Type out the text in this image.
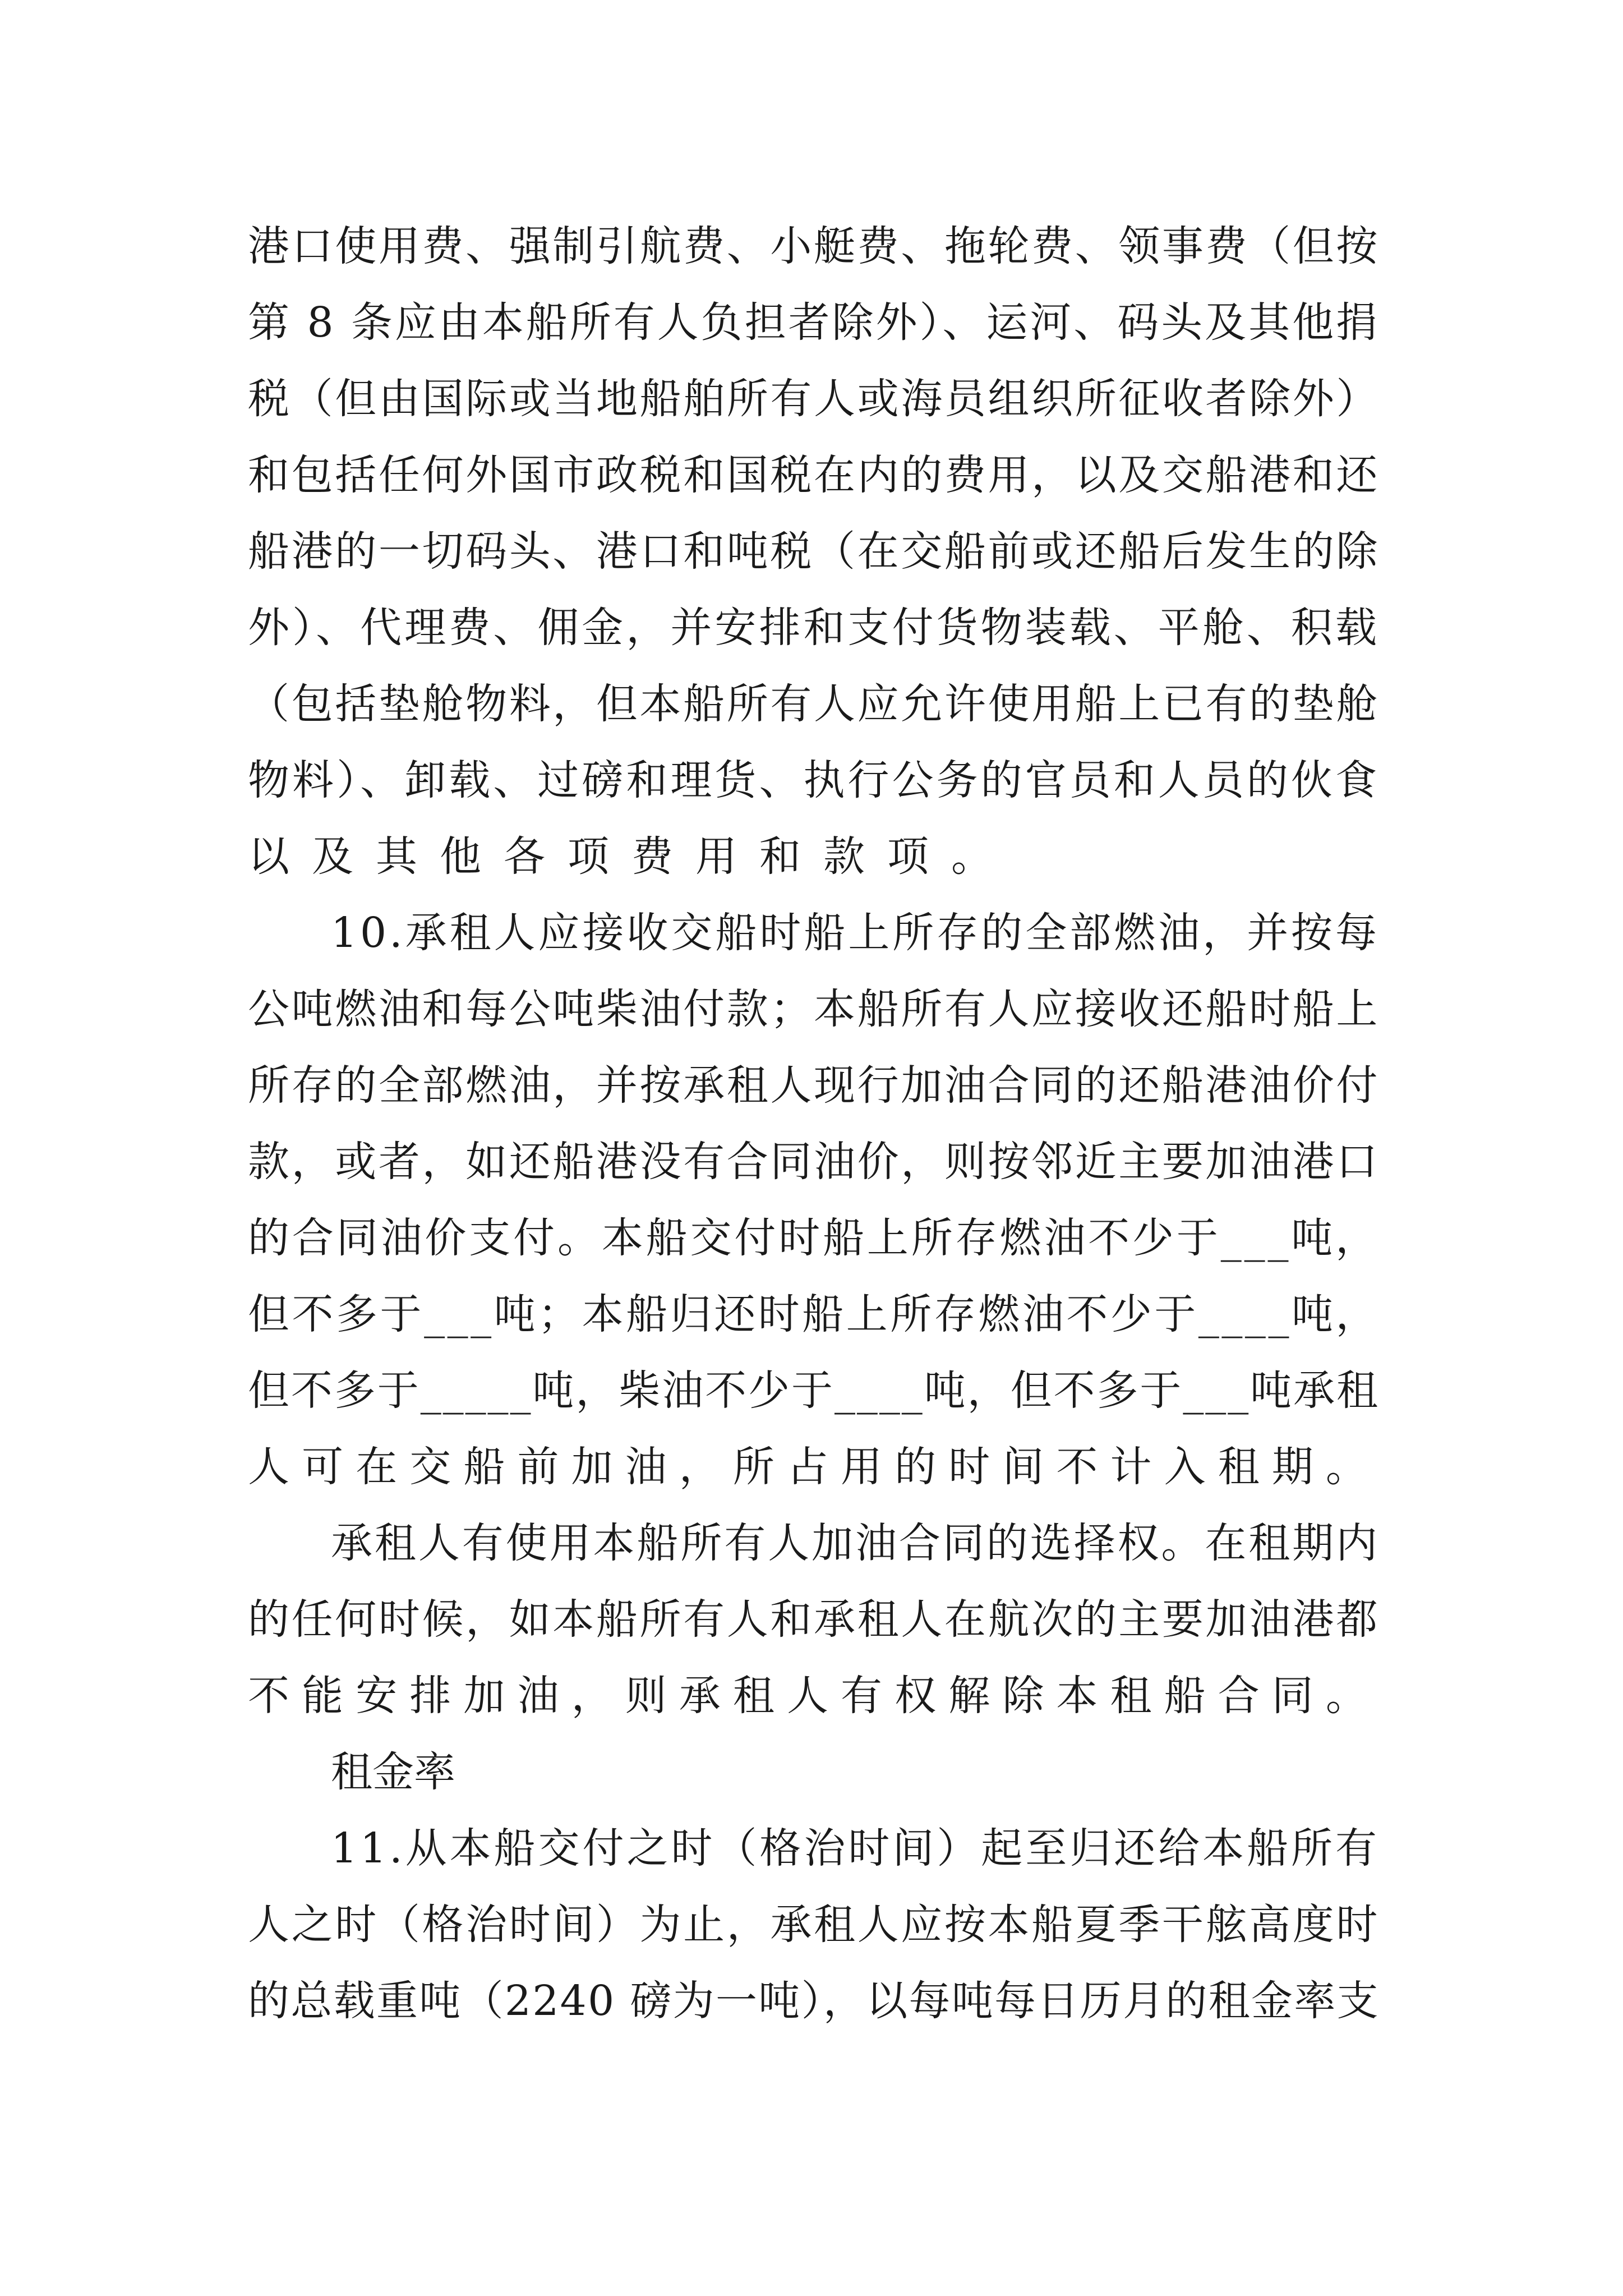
港口使用费、强制引航费、小艇费、拖轮费、领事费（但按

第 8 条应由本船所有人负担者除外）、运河、码头及其他捐

税（但由国际或当地船舶所有人或海员组织所征收者除外）

和包括任何外国市政税和国税在内的费用，以及交船港和还

船港的一切码头、港口和吨税（在交船前或还船后发生的除

外）、代理费、佣金，并安排和支付货物装载、平舱、积载

（包括垫舱物料，但本船所有人应允许使用船上已有的垫舱

物料）、卸载、过磅和理货、执行公务的官员和人员的伙食

以及其他各项费用和款项。

10.承租人应接收交船时船上所存的全部燃油，并按每

公吨燃油和每公吨柴油付款；本船所有人应接收还船时船上

所存的全部燃油，并按承租人现行加油合同的还船港油价付

款，或者，如还船港没有合同油价，则按邻近主要加油港口

的合同油价支付。本船交付时船上所存燃油不少于___吨，

但不多于___吨；本船归还时船上所存燃油不少于____吨，

但不多于_____吨，柴油不少于____吨，但不多于___吨承租

人可在交船前加油，所占用的时间不计入租期。

承租人有使用本船所有人加油合同的选择权。在租期内

的任何时候，如本船所有人和承租人在航次的主要加油港都

不能安排加油，则承租人有权解除本租船合同。

租金率

11.从本船交付之时（格治时间）起至归还给本船所有

人之时（格治时间）为止，承租人应按本船夏季干舷高度时

的总载重吨（2240 磅为一吨），以每吨每日历月的租金率支
